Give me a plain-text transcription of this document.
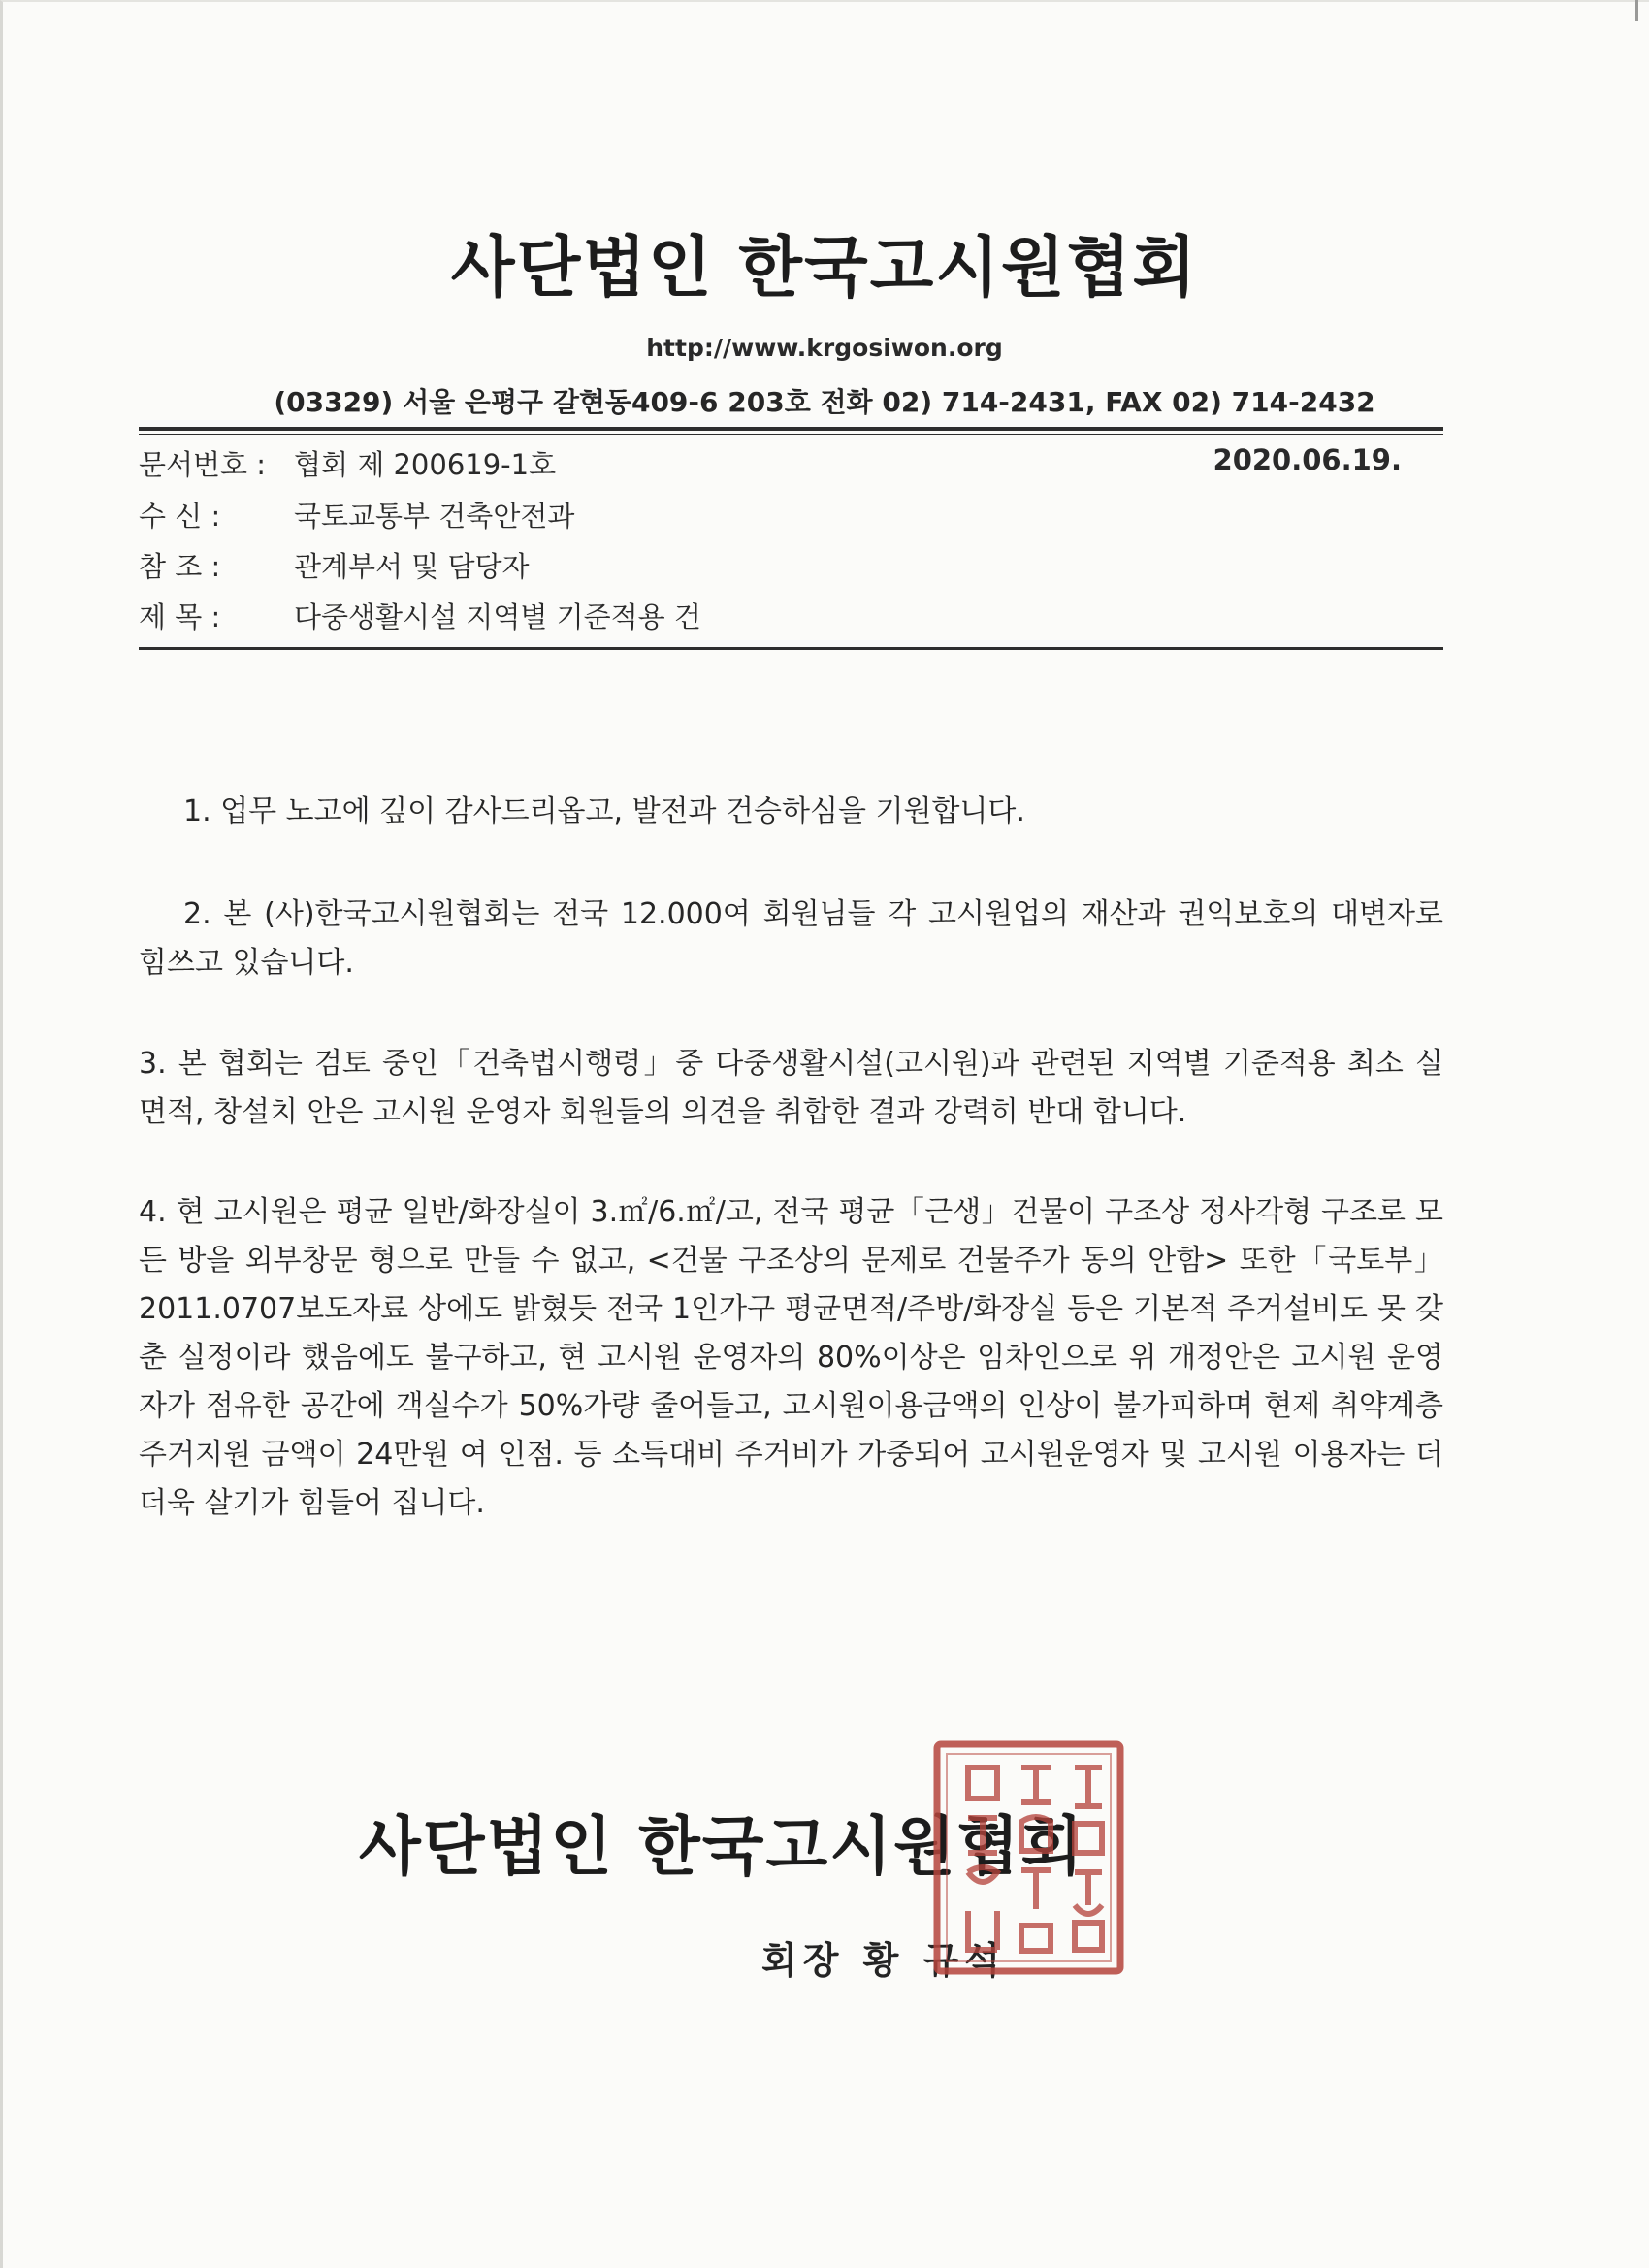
사단법인 한국고시원협회
http://www.krgosiwon.org
(03329) 서울 은평구 갈현동409-6 203호 전화 02) 714-2431, FAX 02) 714-2432
문서번호 : 협회 제 200619-1호	2020.06.19.
수 신 :	국토교통부 건축안전과
참 조 :	관계부서 및 담당자
제 목 :	다중생활시설 지역별 기준적용 건

1. 업무 노고에 깊이 감사드리옵고, 발전과 건승하심을 기원합니다.

2. 본 (사)한국고시원협회는 전국 12.000여 회원님들 각 고시원업의 재산과 권익보호의 대변자로 힘쓰고 있습니다.

3. 본 협회는 검토 중인「건축법시행령」중 다중생활시설(고시원)과 관련된 지역별 기준적용 최소 실 면적, 창설치 안은 고시원 운영자 회원들의 의견을 취합한 결과 강력히 반대 합니다.

4. 현 고시원은 평균 일반/화장실이 3.㎡/6.㎡/고, 전국 평균「근생」건물이 구조상 정사각형 구조로 모든 방을 외부창문 형으로 만들 수 없고, <건물 구조상의 문제로 건물주가 동의 안함> 또한「국토부」2011.0707보도자료 상에도 밝혔듯 전국 1인가구 평균면적/주방/화장실 등은 기본적 주거설비도 못 갖춘 실정이라 했음에도 불구하고, 현 고시원 운영자의 80%이상은 임차인으로 위 개정안은 고시원 운영자가 점유한 공간에 객실수가 50%가량 줄어들고, 고시원이용금액의 인상이 불가피하며 현제 취약계층 주거지원 금액이 24만원 여 인점. 등 소득대비 주거비가 가중되어 고시원운영자 및 고시원 이용자는 더더욱 살기가 힘들어 집니다.

사단법인 한국고시원협회
회장 황 규석
